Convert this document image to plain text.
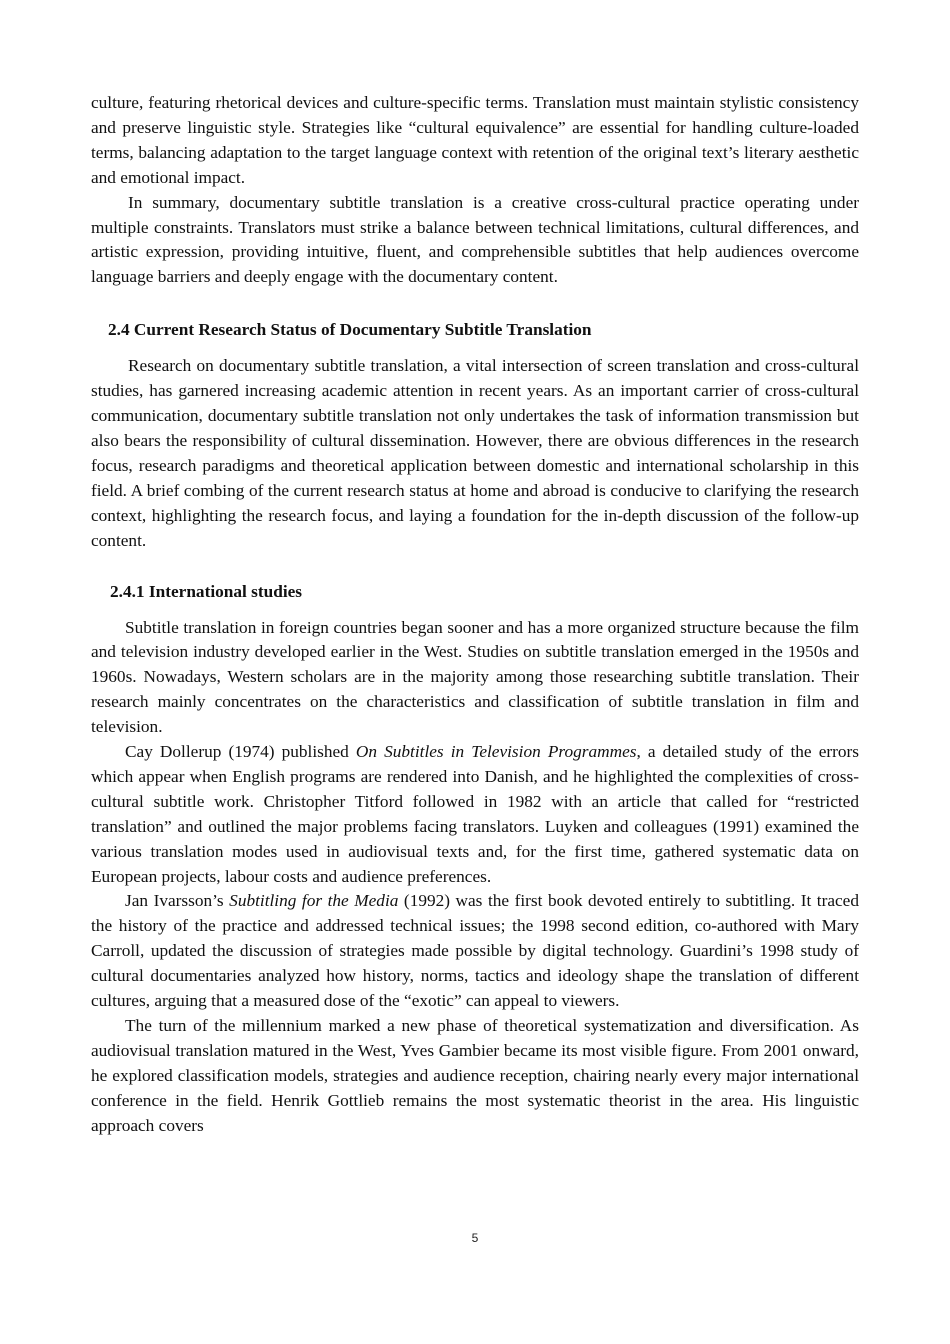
culture, featuring rhetorical devices and culture-specific terms. Translation must maintain stylistic consistency and preserve linguistic style. Strategies like “cultural equivalence” are essential for handling culture-loaded terms, balancing adaptation to the target language context with retention of the original text’s literary aesthetic and emotional impact.

In summary, documentary subtitle translation is a creative cross-cultural practice operating under multiple constraints. Translators must strike a balance between technical limitations, cultural differences, and artistic expression, providing intuitive, fluent, and comprehensible subtitles that help audiences overcome language barriers and deeply engage with the documentary content.

2.4 Current Research Status of Documentary Subtitle Translation

Research on documentary subtitle translation, a vital intersection of screen translation and cross-cultural studies, has garnered increasing academic attention in recent years. As an important carrier of cross-cultural communication, documentary subtitle translation not only undertakes the task of information transmission but also bears the responsibility of cultural dissemination. However, there are obvious differences in the research focus, research paradigms and theoretical application between domestic and international scholarship in this field. A brief combing of the current research status at home and abroad is conducive to clarifying the research context, highlighting the research focus, and laying a foundation for the in-depth discussion of the follow-up content.

2.4.1 International studies

Subtitle translation in foreign countries began sooner and has a more organized structure because the film and television industry developed earlier in the West. Studies on subtitle translation emerged in the 1950s and 1960s. Nowadays, Western scholars are in the majority among those researching subtitle translation. Their research mainly concentrates on the characteristics and classification of subtitle translation in film and television.

Cay Dollerup (1974) published On Subtitles in Television Programmes, a detailed study of the errors which appear when English programs are rendered into Danish, and he highlighted the complexities of cross-cultural subtitle work. Christopher Titford followed in 1982 with an article that called for “restricted translation” and outlined the major problems facing translators. Luyken and colleagues (1991) examined the various translation modes used in audiovisual texts and, for the first time, gathered systematic data on European projects, labour costs and audience preferences.

Jan Ivarsson’s Subtitling for the Media (1992) was the first book devoted entirely to subtitling. It traced the history of the practice and addressed technical issues; the 1998 second edition, co-authored with Mary Carroll, updated the discussion of strategies made possible by digital technology. Guardini’s 1998 study of cultural documentaries analyzed how history, norms, tactics and ideology shape the translation of different cultures, arguing that a measured dose of the “exotic” can appeal to viewers.

The turn of the millennium marked a new phase of theoretical systematization and diversification. As audiovisual translation matured in the West, Yves Gambier became its most visible figure. From 2001 onward, he explored classification models, strategies and audience reception, chairing nearly every major international conference in the field. Henrik Gottlieb remains the most systematic theorist in the area. His linguistic approach covers

5
